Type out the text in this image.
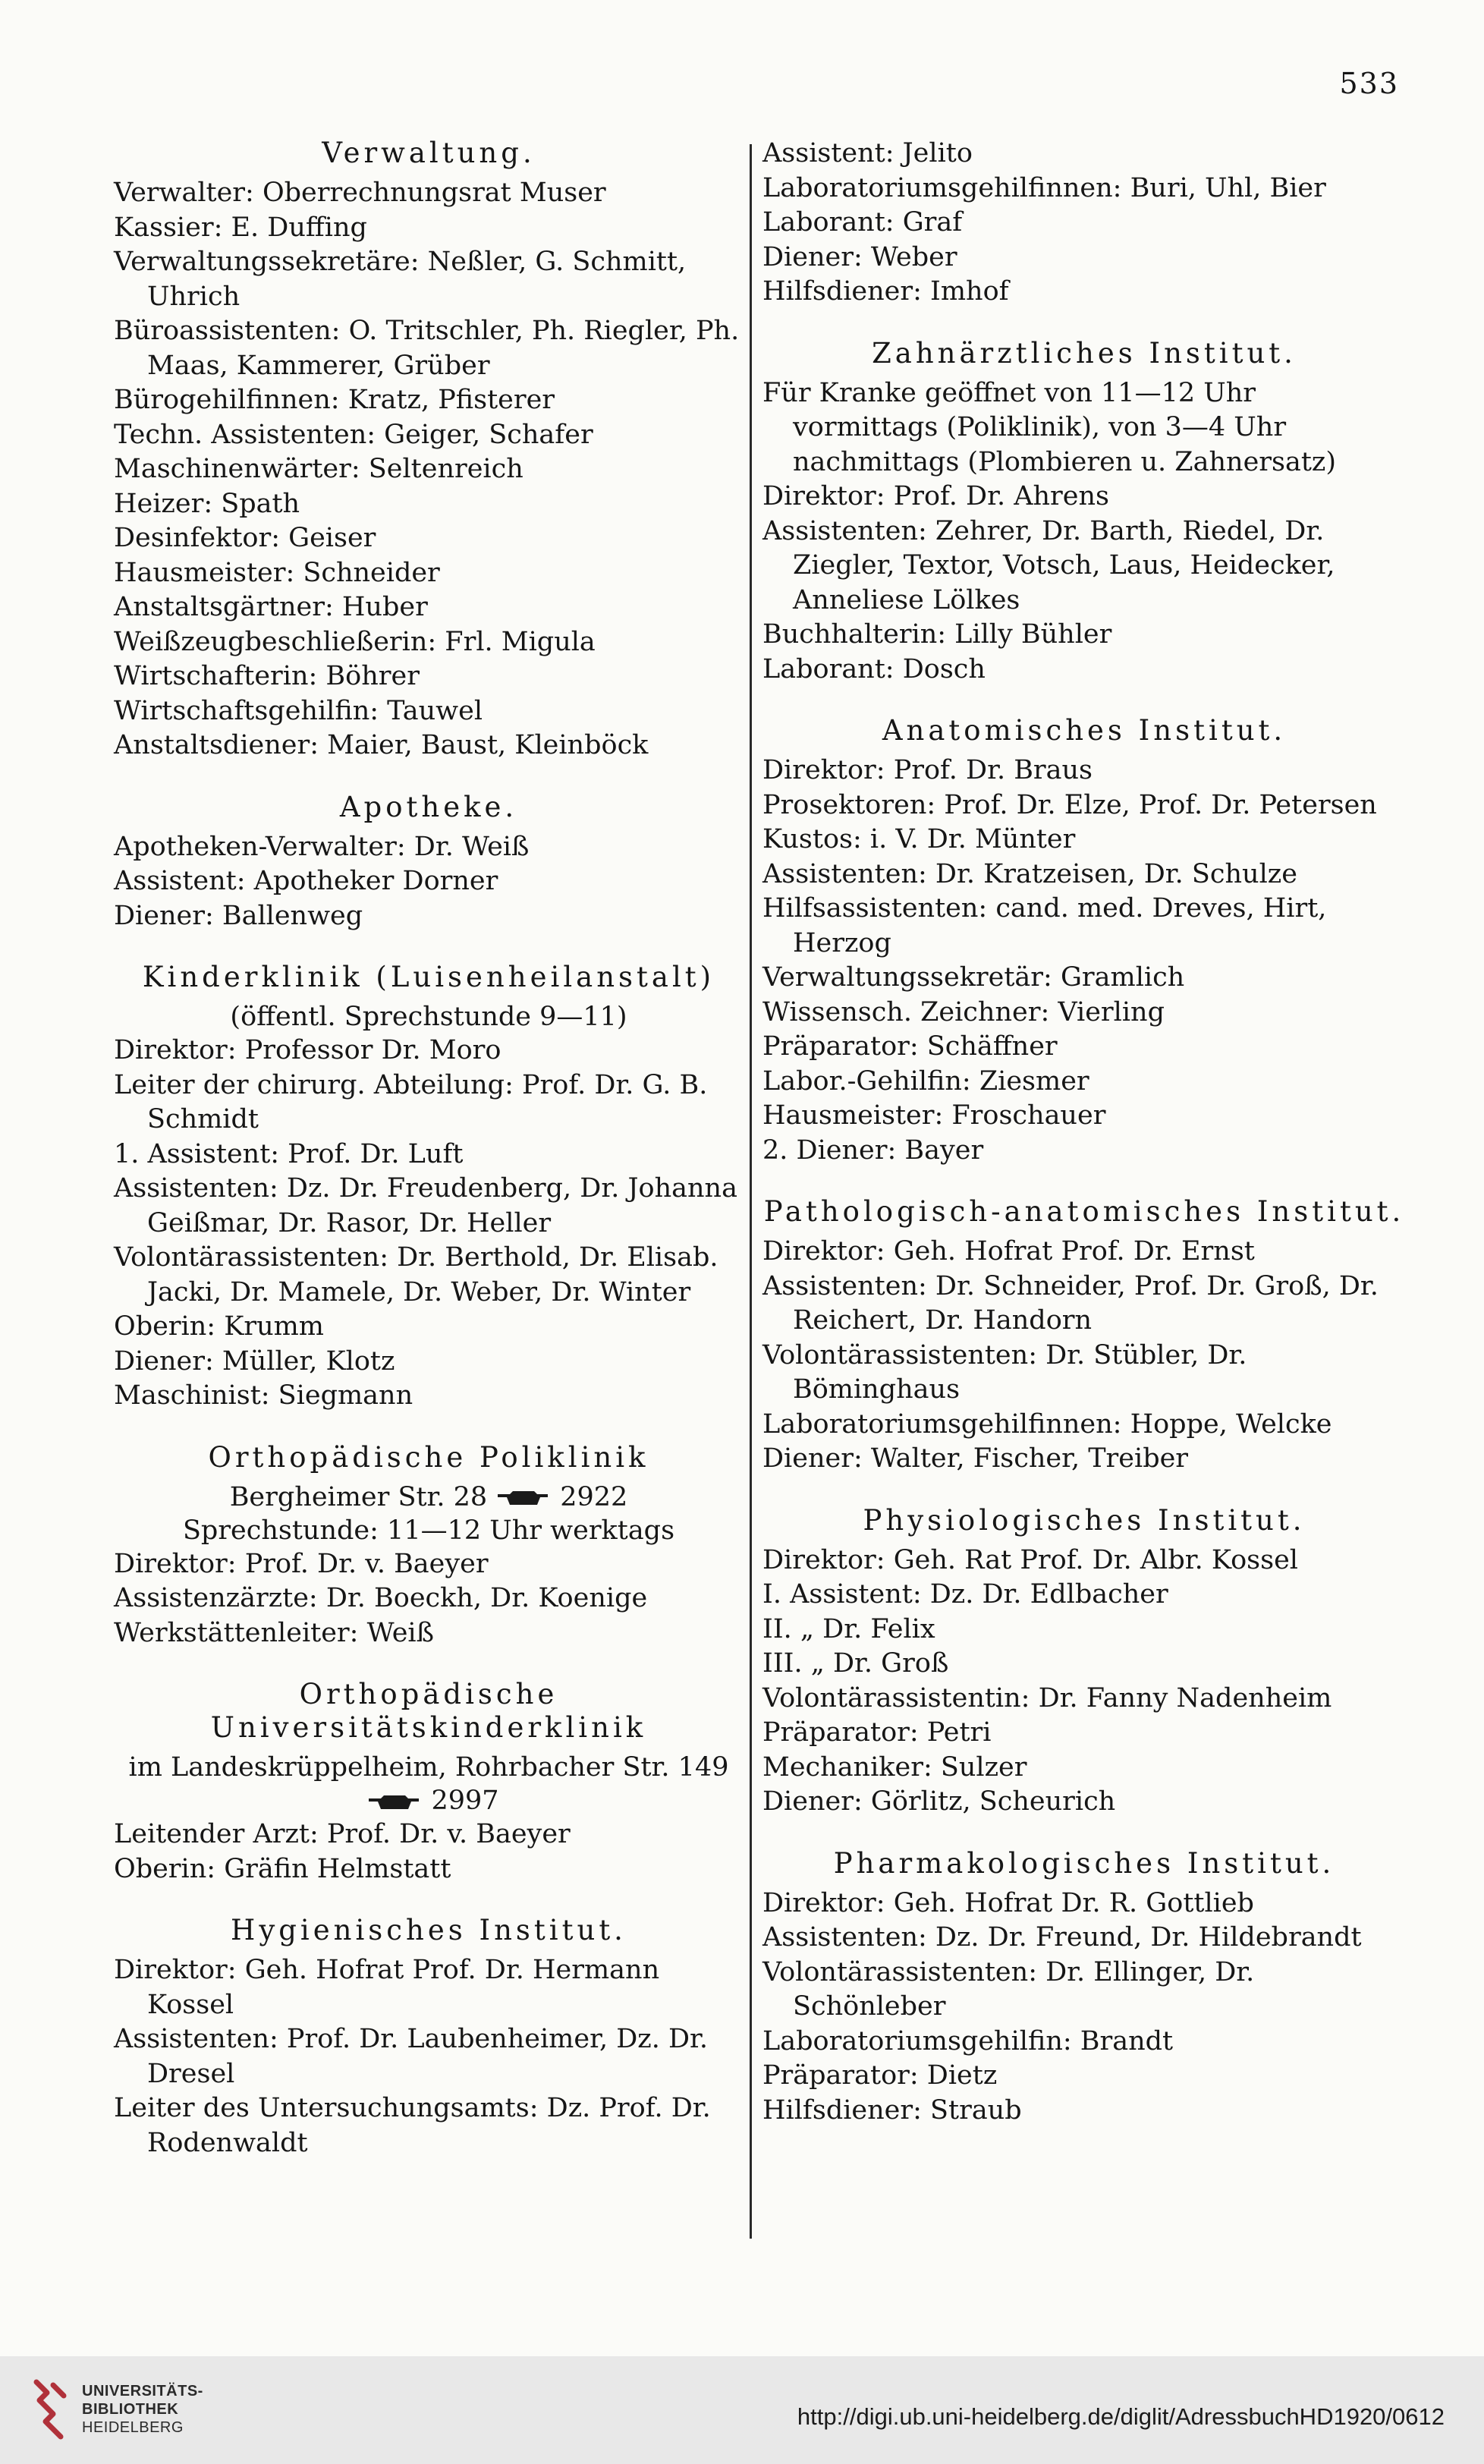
533
Verwaltung.
Verwalter: Oberrechnungsrat Muser
Kassier: E. Duffing
Verwaltungssekretäre: Neßler, G. Schmitt, Uhrich
Büroassistenten: O. Tritschler, Ph. Riegler, Ph. Maas, Kammerer, Grüber
Bürogehilfinnen: Kratz, Pfisterer
Techn. Assistenten: Geiger, Schafer
Maschinenwärter: Seltenreich
Heizer: Spath
Desinfektor: Geiser
Hausmeister: Schneider
Anstaltsgärtner: Huber
Weißzeugbeschließerin: Frl. Migula
Wirtschafterin: Böhrer
Wirtschaftsgehilfin: Tauwel
Anstaltsdiener: Maier, Baust, Kleinböck
Apotheke.
Apotheken-Verwalter: Dr. Weiß
Assistent: Apotheker Dorner
Diener: Ballenweg
Kinderklinik (Luisenheilanstalt)
(öffentl. Sprechstunde 9—11)
Direktor: Professor Dr. Moro
Leiter der chirurg. Abteilung: Prof. Dr. G. B. Schmidt
1. Assistent: Prof. Dr. Luft
Assistenten: Dz. Dr. Freudenberg, Dr. Johanna Geißmar, Dr. Rasor, Dr. Heller
Volontärassistenten: Dr. Berthold, Dr. Elisab. Jacki, Dr. Mamele, Dr. Weber, Dr. Winter
Oberin: Krumm
Diener: Müller, Klotz
Maschinist: Siegmann
Orthopädische Poliklinik
Bergheimer Str. 28	2922
Sprechstunde: 11—12 Uhr werktags
Direktor: Prof. Dr. v. Baeyer
Assistenzärzte: Dr. Boeckh, Dr. Koenige
Werkstättenleiter: Weiß
Orthopädische Universitätskinderklinik
im Landeskrüppelheim, Rohrbacher Str. 149
2997
Leitender Arzt: Prof. Dr. v. Baeyer
Oberin: Gräfin Helmstatt
Hygienisches Institut.
Direktor: Geh. Hofrat Prof. Dr. Hermann Kossel
Assistenten: Prof. Dr. Laubenheimer, Dz. Dr. Dresel
Leiter des Untersuchungsamts: Dz. Prof. Dr. Rodenwaldt
Assistent: Jelito
Laboratoriumsgehilfinnen: Buri, Uhl, Bier
Laborant: Graf
Diener: Weber
Hilfsdiener: Imhof
Zahnärztliches Institut.
Für Kranke geöffnet von 11—12 Uhr vormittags (Poliklinik), von 3—4 Uhr nachmittags (Plombieren u. Zahnersatz)
Direktor: Prof. Dr. Ahrens
Assistenten: Zehrer, Dr. Barth, Riedel, Dr. Ziegler, Textor, Votsch, Laus, Heidecker, Anneliese Lölkes
Buchhalterin: Lilly Bühler
Laborant: Dosch
Anatomisches Institut.
Direktor: Prof. Dr. Braus
Prosektoren: Prof. Dr. Elze, Prof. Dr. Petersen
Kustos: i. V. Dr. Münter
Assistenten: Dr. Kratzeisen, Dr. Schulze
Hilfsassistenten: cand. med. Dreves, Hirt, Herzog
Verwaltungssekretär: Gramlich
Wissensch. Zeichner: Vierling
Präparator: Schäffner
Labor.-Gehilfin: Ziesmer
Hausmeister: Froschauer
2. Diener: Bayer
Pathologisch-anatomisches Institut.
Direktor: Geh. Hofrat Prof. Dr. Ernst
Assistenten: Dr. Schneider, Prof. Dr. Groß, Dr. Reichert, Dr. Handorn
Volontärassistenten: Dr. Stübler, Dr. Böminghaus
Laboratoriumsgehilfinnen: Hoppe, Welcke
Diener: Walter, Fischer, Treiber
Physiologisches Institut.
Direktor: Geh. Rat Prof. Dr. Albr. Kossel
I. Assistent: Dz. Dr. Edlbacher
II. „ Dr. Felix
III. „ Dr. Groß
Volontärassistentin: Dr. Fanny Nadenheim
Präparator: Petri
Mechaniker: Sulzer
Diener: Görlitz, Scheurich
Pharmakologisches Institut.
Direktor: Geh. Hofrat Dr. R. Gottlieb
Assistenten: Dz. Dr. Freund, Dr. Hildebrandt
Volontärassistenten: Dr. Ellinger, Dr. Schönleber
Laboratoriumsgehilfin: Brandt
Präparator: Dietz
Hilfsdiener: Straub
UNIVERSITÄTS-
BIBLIOTHEK
HEIDELBERG	http://digi.ub.uni-heidelberg.de/diglit/AdressbuchHD1920/0612
